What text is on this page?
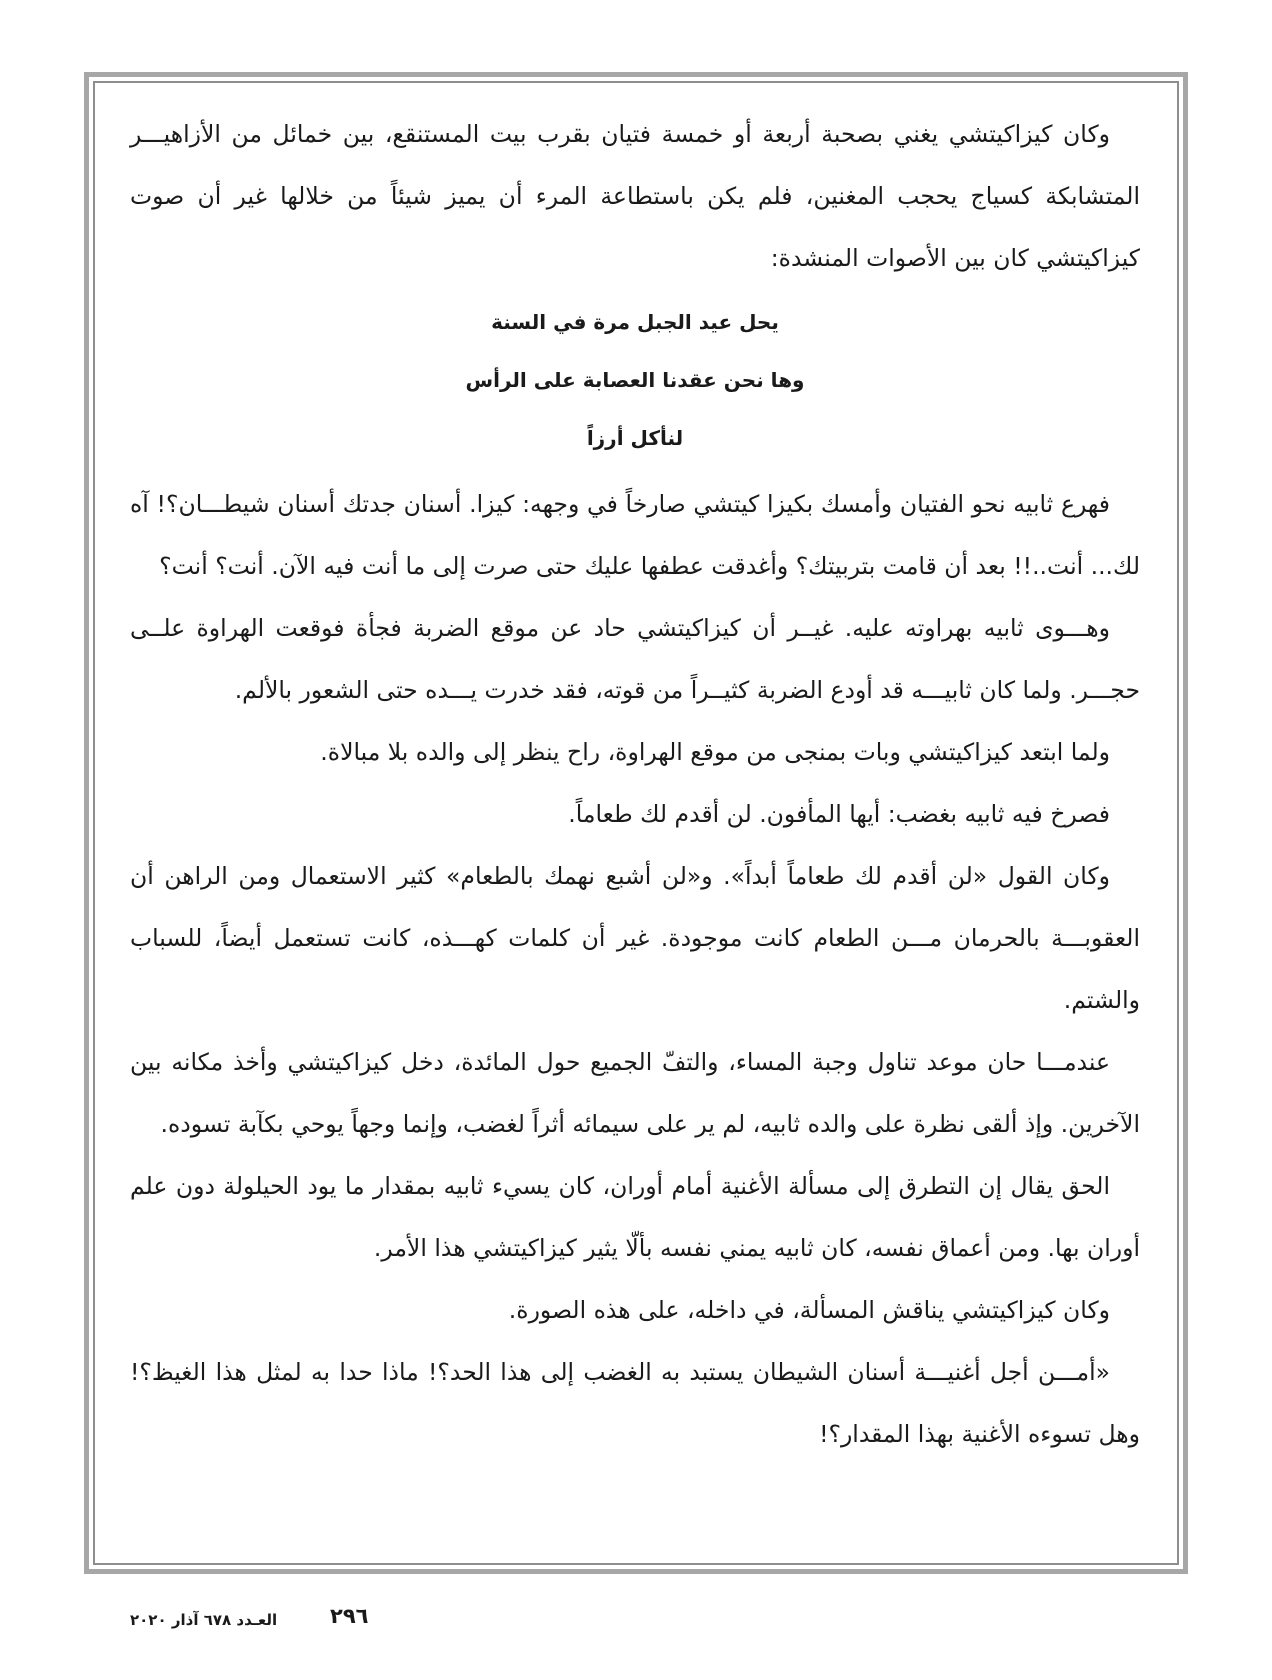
وكان كيزاكيتشي يغني بصحبة أربعة أو خمسة فتيان بقرب بيت المستنقع، بين خمائل من الأزاهيـــر المتشابكة كسياج يحجب المغنين، فلم يكن باستطاعة المرء أن يميز شيئاً من خلالها غير أن صوت كيزاكيتشي كان بين الأصوات المنشدة:

يحل عيد الجبل مرة في السنة

وها نحن عقدنا العصابة على الرأس

لنأكل أرزاً

فهرع ثابيه نحو الفتيان وأمسك بكيزا كيتشي صارخاً في وجهه: كيزا. أسنان جدتك أسنان شيطـــان؟! آه لك... أنت..!! بعد أن قامت بتربيتك؟ وأغدقت عطفها عليك حتى صرت إلى ما أنت فيه الآن. أنت؟ أنت؟

وهـــوى ثابيه بهراوته عليه. غيــر أن كيزاكيتشي حاد عن موقع الضربة فجأة فوقعت الهراوة علــى حجـــر. ولما كان ثابيـــه قد أودع الضربة كثيــراً من قوته، فقد خدرت يـــده حتى الشعور بالألم.

ولما ابتعد كيزاكيتشي وبات بمنجى من موقع الهراوة، راح ينظر إلى والده بلا مبالاة.

فصرخ فيه ثابيه بغضب: أيها المأفون. لن أقدم لك طعاماً.

وكان القول «لن أقدم لك طعاماً أبداً». و«لن أشبع نهمك بالطعام» كثير الاستعمال ومن الراهن أن العقوبـــة بالحرمان مـــن الطعام كانت موجودة. غير أن كلمات كهـــذه، كانت تستعمل أيضاً، للسباب والشتم.

عندمـــا حان موعد تناول وجبة المساء، والتفّ الجميع حول المائدة، دخل كيزاكيتشي وأخذ مكانه بين الآخرين. وإذ ألقى نظرة على والده ثابيه، لم ير على سيمائه أثراً لغضب، وإنما وجهاً يوحي بكآبة تسوده.

الحق يقال إن التطرق إلى مسألة الأغنية أمام أوران، كان يسيء ثابيه بمقدار ما يود الحيلولة دون علم أوران بها. ومن أعماق نفسه، كان ثابيه يمني نفسه بألّا يثير كيزاكيتشي هذا الأمر.

وكان كيزاكيتشي يناقش المسألة، في داخله، على هذه الصورة.

«أمـــن أجل أغنيـــة أسنان الشيطان يستبد به الغضب إلى هذا الحد؟! ماذا حدا به لمثل هذا الغيظ؟! وهل تسوءه الأغنية بهذا المقدار؟!

٢٩٦
العـدد ٦٧٨ آذار ٢٠٢٠
